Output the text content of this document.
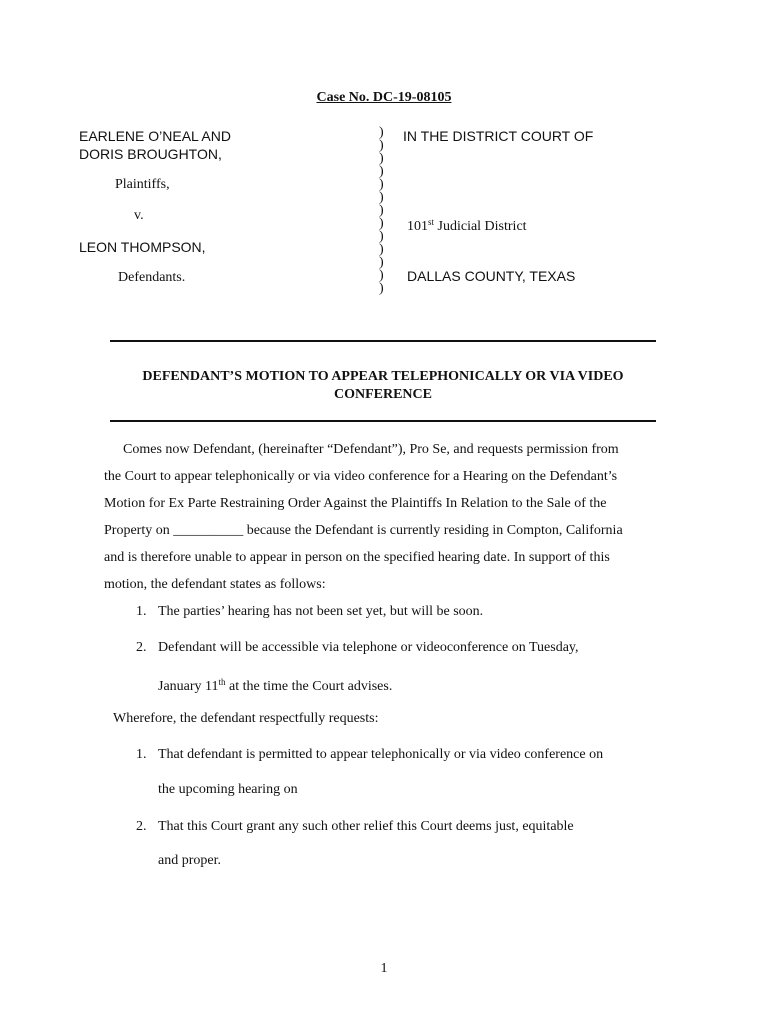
Case No. DC-19-08105
EARLENE O’NEAL AND
DORIS BROUGHTON,
Plaintiffs,
v.
LEON THOMPSON,
Defendants.
)
)
)
)
)
)
)
)
)
)
)
)
)
IN THE DISTRICT COURT OF
101st Judicial District
DALLAS COUNTY, TEXAS
DEFENDANT’S MOTION TO APPEAR TELEPHONICALLY OR VIA VIDEO CONFERENCE
Comes now Defendant, (hereinafter “Defendant”), Pro Se, and requests permission from
the Court to appear telephonically or via video conference for a Hearing on the Defendant’s
Motion for Ex Parte Restraining Order Against the Plaintiffs In Relation to the Sale of the
Property on __________ because the Defendant is currently residing in Compton, California
and is therefore unable to appear in person on the specified hearing date. In support of this
motion, the defendant states as follows:
1. The parties’ hearing has not been set yet, but will be soon.
2. Defendant will be accessible via telephone or videoconference on Tuesday,
January 11th at the time the Court advises.
Wherefore, the defendant respectfully requests:
1. That defendant is permitted to appear telephonically or via video conference on
the upcoming hearing on
2. That this Court grant any such other relief this Court deems just, equitable
and proper.
1
